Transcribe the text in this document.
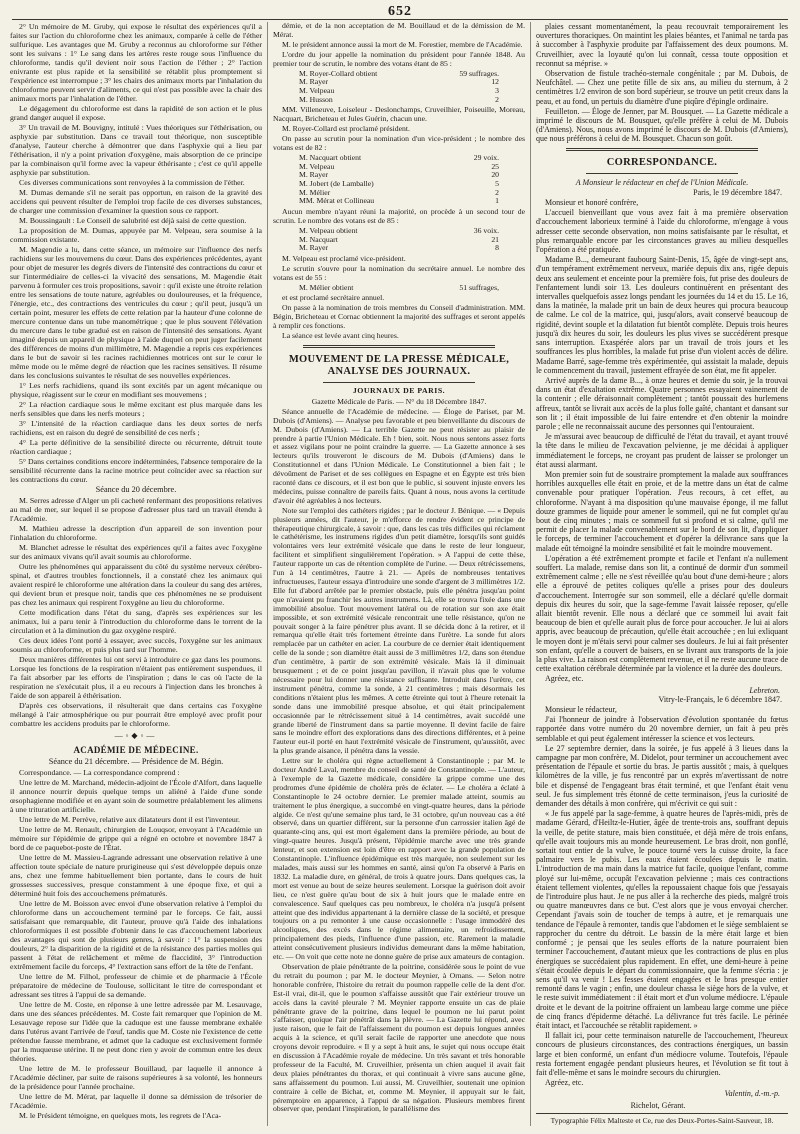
652

2° Un mémoire de M. Gruby, qui expose le résultat des expériences qu'il a faites sur l'action du chloroforme chez les animaux, comparée à celle de l'éther sulfurique. Les avantages que M. Gruby a reconnus au chloroforme sur l'éther sont les suivans : 1° Le sang dans les artères reste rouge sous l'influence du chloroforme, tandis qu'il devient noir sous l'action de l'éther ; 2° l'action enivrante est plus rapide et la sensibilité se rétablit plus promptement si l'expérience est interrompue ; 3° les chairs des animaux morts par l'inhalation du chloroforme peuvent servir d'aliments, ce qui n'est pas possible avec la chair des animaux morts par l'inhalation de l'éther.

Le dégagement du chloroforme est dans la rapidité de son action et le plus grand danger auquel il expose.

3° Un travail de M. Bouvigny, intitulé : Vues théoriques sur l'éthérisation, ou asphyxie par substitution. Dans ce travail tout théorique, non susceptible d'analyse, l'auteur cherche à démontrer que dans l'asphyxie qui a lieu par l'éthérisation, il n'y a point privation d'oxygène, mais absorption de ce principe par la combinaison qu'il forme avec la vapeur éthérisante ; c'est ce qu'il appelle asphyxie par substitution.

Ces diverses communications sont renvoyées à la commission de l'éther.

M. Dumas demande s'il ne serait pas opportun, en raison de la gravité des accidens qui peuvent résulter de l'emploi trop facile de ces diverses substances, de charger une commission d'examiner la question sous ce rapport.

M. Boussingault : Le Conseil de salubrité est déjà saisi de cette question.

La proposition de M. Dumas, appuyée par M. Velpeau, sera soumise à la commission existante.

M. Magendie a lu, dans cette séance, un mémoire sur l'influence des nerfs rachidiens sur les mouvemens du cœur. Dans des expériences précédentes, ayant pour objet de mesurer les degrés divers de l'intensité des contractions du cœur et sur l'intermédiaire de celles-ci la vivacité des sensations, M. Magendie était parvenu à formuler ces trois propositions, savoir : qu'il existe une étroite relation entre les sensations de toute nature, agréables ou douloureuses, et la fréquence, l'énergie, etc., des contractions des ventricules du cœur ; qu'il peut, jusqu'à un certain point, mesurer les effets de cette relation par la hauteur d'une colonne de mercure contenue dans un tube manométrique ; que le plus souvent l'élévation du mercure dans le tube gradué est en raison de l'intensité des sensations. Ayant imaginé depuis un appareil de physique à l'aide duquel on peut juger facilement des différences de moins d'un millimètre, M. Magendie a repris ces expériences dans le but de savoir si les racines rachidiennes motrices ont sur le cœur le même mode ou le même degré de réaction que les racines sensitives. Il résume dans les conclusions suivantes le résultat de ses nouvelles expériences.

1° Les nerfs rachidiens, quand ils sont excités par un agent mécanique ou physique, réagissent sur le cœur en modifiant ses mouvemens ;

2° La réaction cardiaque sous le même excitant est plus marquée dans les nerfs sensibles que dans les nerfs moteurs ;

3° L'intensité de la réaction cardiaque dans les deux sortes de nerfs rachidiens, est en raison du degré de sensibilité de ces nerfs ;

4° La perte définitive de la sensibilité directe ou récurrente, détruit toute réaction cardiaque ;

5° Dans certaines conditions encore indéterminées, l'absence temporaire de la sensibilité récurrente dans la racine motrice peut coïncider avec sa réaction sur les contractions du cœur.

Séance du 20 décembre.

M. Serres adresse d'Alger un pli cacheté renfermant des propositions relatives au mal de mer, sur lequel il se propose d'adresser plus tard un travail étendu à l'Académie.

M. Mathieu adresse la description d'un appareil de son invention pour l'inhalation du chloroforme.

M. Blanchet adresse le résultat des expériences qu'il a faites avec l'oxygène sur des animaux vivans qu'il avait soumis au chloroforme.

Outre les phénomènes qui apparaissent du côté du système nerveux cérébro-spinal, et d'autres troubles fonctionnels, il a constaté chez les animaux qui avaient respiré le chloroforme une altération dans la couleur du sang des artères, qui devient brun et presque noir, tandis que ces phénomènes ne se produisent pas chez les animaux qui respirent l'oxygène au lieu du chloroforme.

Cette modification dans l'état du sang, d'après ses expériences sur les animaux, lui a paru tenir à l'introduction du chloroforme dans le torrent de la circulation et à la diminution du gaz oxygène respiré.

Ces deux idées l'ont porté à essayer, avec succès, l'oxygène sur les animaux soumis au chloroforme, et puis plus tard sur l'homme.

Deux manières différentes lui ont servi à introduire ce gaz dans les poumons. Lorsque les fonctions de la respiration n'étaient pas entièrement suspendues, il l'a fait absorber par les efforts de l'inspiration ; dans le cas où l'acte de la respiration ne s'exécutait plus, il a eu recours à l'injection dans les bronches à l'aide de son appareil à éthérisation.

D'après ces observations, il résulterait que dans certains cas l'oxygène mélangé à l'air atmosphérique ou pur pourrait être employé avec profit pour combattre les accidens produits par le chloroforme.

—◦◆◦—

ACADÉMIE DE MÉDECINE.

Séance du 21 décembre. — Présidence de M. Bégin.

Correspondance. — La correspondance comprend :

Une lettre de M. Marchand, médecin-adjoint de l'École d'Alfort, dans laquelle il annonce nourrir depuis quelque temps un aliéné à l'aide d'une sonde œsophagienne modifiée et en ayant soin de soumettre préalablement les alimens à une trituration artificielle.

Une lettre de M. Perrève, relative aux dilatateurs dont il est l'inventeur.

Une lettre de M. Renault, chirurgien de Louqsor, envoyant à l'Académie un mémoire sur l'épidémie de grippe qui a régné en octobre et novembre 1847 à bord de ce paquebot-poste de l'État.

Une lettre de M. Massieu-Lagrande adressant une observation relative à une affection toute spéciale de nature prurigineuse qui s'est développée depuis onze ans, chez une femme habituellement bien portante, dans le cours de huit grossesses successives, presque constamment à une époque fixe, et qui a déterminé huit fois des accouchemens prématurés.

Une lettre de M. Boisson avec envoi d'une observation relative à l'emploi du chloroforme dans un accouchement terminé par le forceps. Ce fait, aussi satisfaisant que remarquable, dit l'auteur, prouve qu'à l'aide des inhalations chloroformiques il est possible d'obtenir dans le cas d'accouchement laborieux des avantages qui sont de plusieurs genres, à savoir : 1° la suspension des douleurs, 2° la disparition de la rigidité et de la résistance des parties molles qui passent à l'état de relâchement et même de flaccidité, 3° l'introduction extrêmement facile du forceps, 4° l'extraction sans effort de la tête de l'enfant.

Une lettre de M. Filhol, professeur de chimie et de pharmacie à l'École préparatoire de médecine de Toulouse, sollicitant le titre de correspondant et adressant ses titres à l'appui de sa demande.

Une lettre de M. Coste, en réponse à une lettre adressée par M. Lesauvage, dans une des séances précédentes. M. Coste fait remarquer que l'opinion de M. Lesauvage repose sur l'idée que la caduque est une fausse membrane exhalée dans l'utérus avant l'arrivée de l'œuf, tandis que M. Coste nie l'existence de cette prétendue fausse membrane, et admet que la caduque est exclusivement formée par la muqueuse utérine. Il ne peut donc rien y avoir de commun entre les deux théories.

Une lettre de M. le professeur Bouillaud, par laquelle il annonce à l'Académie décliner, par suite de raisons supérieures à sa volonté, les honneurs de la présidence pour l'année prochaine.

Une lettre de M. Mérat, par laquelle il donne sa démission de trésorier de l'Académie.

M. le Président témoigne, en quelques mots, les regrets de l'Aca-

démie, et de la non acceptation de M. Bouillaud et de la démission de M. Mérat.

M. le président annonce aussi la mort de M. Forestier, membre de l'Académie.

L'ordre du jour appelle la nomination du président pour l'année 1848. Au premier tour de scrutin, le nombre des votans étant de 85 :

M. Royer-Collard obtient	59 suffrages.
M. Rayer	12
M. Velpeau	3
M. Husson	2

MM. Villeneuve, Loiseleur - Deslonchamps, Cruveilhier, Poiseuille, Moreau, Nacquart, Bricheteau et Jules Guérin, chacun une.

M. Royer-Collard est proclamé président.

On passe au scrutin pour la nomination d'un vice-président ; le nombre des votans est de 82 :

M. Nacquart obtient	29 voix.
M. Velpeau	25
M. Rayer	20
M. Jobert (de Lamballe)	5
M. Mélier	2
MM. Mérat et Collineau	1

Aucun membre n'ayant réuni la majorité, on procède à un second tour de scrutin. Le nombre des votans est de 85 :

M. Velpeau obtient	36 voix.
M. Nacquart	21
M. Rayer	8

M. Velpeau est proclamé vice-président.

Le scrutin s'ouvre pour la nomination du secrétaire annuel. Le nombre des votans est de 55 :

M. Mélier obtient	51 suffrages,

et est proclamé secrétaire annuel.

On passe à la nomination de trois membres du Conseil d'administration. MM. Bégin, Bricheteau et Cornac obtiennent la majorité des suffrages et seront appelés à remplir ces fonctions.

La séance est levée avant cinq heures.

MOUVEMENT DE LA PRESSE MÉDICALE, ANALYSE DES JOURNAUX.

JOURNAUX DE PARIS.

Gazette Médicale de Paris. — N° du 18 Décembre 1847.

Séance annuelle de l'Académie de médecine. — Éloge de Pariset, par M. Dubois (d'Amiens). — Analyse peu favorable et peu bienveillante du discours de M. Dubois (d'Amiens). — La terrible Gazette ne peut résister au plaisir de prendre à partie l'Union Médicale. Eh ! bien, soit. Nous nous sentons assez forts et assez vigilans pour ne point craindre la guerre. — La Gazette annonce à ses lecteurs qu'ils trouveront le discours de M. Dubois (d'Amiens) dans le Constitutionnel et dans l'Union Médicale. Le Constitutionnel a bien fait ; le dévoûment de Pariset et de ses collègues en Espagne et en Égypte est très bien raconté dans ce discours, et il est bon que le public, si souvent injuste envers les médecins, puisse connaître de pareils faits. Quant à nous, nous avons la certitude d'avoir été agréables à nos lecteurs.

Note sur l'emploi des cathéters rigides ; par le docteur J. Bénique. — « Depuis plusieurs années, dit l'auteur, je m'efforce de rendre évident ce principe de thérapeutique chirurgicale, à savoir : que, dans les cas très difficiles qui réclament le cathétérisme, les instrumens rigides d'un petit diamètre, lorsqu'ils sont guidés volontaires vers leur extrémité vésicale que dans le reste de leur longueur, facilitent et simplifient singulièrement l'opération. » A l'appui de cette thèse, l'auteur rapporte un cas de rétention complète de l'urine. — Deux rétrécissemens, l'un à 14 centimètres, l'autre à 21. — Après de nombreuses tentatives infructueuses, l'auteur essaya d'introduire une sonde d'argent de 3 millimètres 1/2. Elle fut d'abord arrêtée par le premier obstacle, puis elle pénétra jusqu'au point que n'avaient pu franchir les autres instrumens. Là, elle se trouva fixée dans une immobilité absolue. Tout mouvement latéral ou de rotation sur son axe était impossible, et son extrémité vésicale rencontrait une telle résistance, qu'on ne pouvait songer à la faire pénétrer plus avant. Il se décida donc à la retirer, et il remarqua qu'elle était très fortement étreinte dans l'urètre. La sonde fut alors remplacée par un cathéter en acier. La courbure de ce dernier était identiquement celle de la sonde ; son diamètre était aussi de 3 millimètres 1/2, dans son étendue d'un centimètre, à partir de son extrémité vésicale. Mais là il diminuait brusquement ; et de ce point jusqu'au pavillon, il n'avait plus que le volume nécessaire pour lui donner une résistance suffisante. Introduit dans l'urètre, cet instrument pénétra, comme la sonde, à 21 centimètres ; mais désormais les conditions n'étaient plus les mêmes. A cette étreinte qui tout à l'heure retenait la sonde dans une immobilité presque absolue, et qui était principalement occasionnée par le rétrécissement situé à 14 centimètres, avait succédé une grande liberté de l'instrument dans sa partie moyenne. Il devint facile de faire sans le moindre effort des explorations dans des directions différentes, et à peine l'auteur eut-il porté en haut l'extrémité vésicale de l'instrument, qu'aussitôt, avec la plus grande aisance, il pénétra dans la vessie.

Lettre sur le choléra qui règne actuellement à Constantinople ; par M. le docteur André Laval, membre du conseil de santé de Constantinople. — L'auteur, à l'exemple de la Gazette médicale, considère la grippe comme une des prodromes d'une épidémie de choléra près de éclater. — Le choléra a éclaté à Constantinople le 24 octobre dernier. Le premier malade atteint, soumis au traitement le plus énergique, a succombé en vingt-quatre heures, dans la période algide. Ce n'est qu'une semaine plus tard, le 31 octobre, qu'un nouveau cas a été observé, dans un quartier différent, sur la personne d'un carrossier italien âgé de quarante-cinq ans, qui est mort également dans la première période, au bout de vingt-quatre heures. Jusqu'à présent, l'épidémie marche avec une très grande lenteur, et son extension est loin d'être en rapport avec la grande population de Constantinople. L'influence épidémique est très marquée, non seulement sur les malades, mais aussi sur les hommes en santé, ainsi qu'on l'a observé à Paris en 1832. La maladie dure, en général, de trois à quatre jours. Dans quelques cas, la mort est venue au bout de seize heures seulement. Lorsque la guérison doit avoir lieu, ce n'est guère qu'au bout de six à huit jours que le malade entre en convalescence. Sauf quelques cas peu nombreux, le choléra n'a jusqu'à présent atteint que des individus appartenant à la dernière classe de la société, et presque toujours on a pu remonter à une cause occasionnelle : l'usage immodéré des alcooliques, des excès dans le régime alimentaire, un refroidissement, principalement des pieds, l'influence d'une passion, etc. Rarement la maladie atteint consécutivement plusieurs individus demeurant dans la même habitation, etc. — On voit que cette note ne donne guère de prise aux amateurs de contagion.

Observation de plaie pénétrante de la poitrine, considérée sous le point de vue du retrait du poumon ; par M. le docteur Meynier, à Ornans. — Selon notre honorable confrère, l'histoire du retrait du poumon rappelle celle de la dent d'or. Est-il vrai, dit-il, que le poumon s'affaisse aussitôt que l'air extérieur trouve un accès dans la cavité pleurale ? M. Meynier rapporte ensuite un cas de plaie pénétrante grave de la poitrine, dans lequel le poumon ne lui parut point s'affaisser, quoique l'air pénétrât dans la plèvre. — La Gazette lui répond, avec juste raison, que le fait de l'affaissement du poumon est depuis longues années acquis à la science, et qu'il serait facile de rapporter une anecdote que nous croyons devoir reproduire. « Il y a sept à huit ans, le sujet qui nous occupe était en discussion à l'Académie royale de médecine. Un très savant et très honorable professeur de la Faculté, M. Cruveilhier, présenta un chien auquel il avait fait deux plaies pénétrantes du thorax, et qui continuait à vivre sans aucune gêne, sans affaissement du poumon. Lui aussi, M. Cruveilhier, soutenait une opinion contraire à celle de Bichat, et, comme M. Meynier, il appuyait sur le fait, péremptoire en apparence, à l'appui de sa négation. Plusieurs membres firent observer que, pendant l'inspiration, le parallélisme des

plaies cessant momentanément, la peau recouvrait temporairement les ouvertures thoraciques. On maintint les plaies béantes, et l'animal ne tarda pas à succomber à l'asphyxie produite par l'affaissement des deux poumons. M. Cruveilhier, avec la loyauté qu'on lui connaît, cessa toute opposition et reconnut sa méprise. »

Observation de fistule trachéo-sternale congénitale ; par M. Dubois, de Neufchâtel. — Chez une petite fille de six ans, au milieu du sternum, à 2 centimètres 1/2 environ de son bord supérieur, se trouve un petit creux dans la peau, et au fond, un pertuis du diamètre d'une piqûre d'épingle ordinaire.

Feuilleton. — Éloge de Jenner, par M. Bousquet. — La Gazette médicale a imprimé le discours de M. Bousquet, qu'elle préfère à celui de M. Dubois (d'Amiens). Nous, nous avons imprimé le discours de M. Dubois (d'Amiens), que nous préférons à celui de M. Bousquet. Chacun son goût.

CORRESPONDANCE.

A Monsieur le rédacteur en chef de l'Union Médicale.

Paris, le 19 décembre 1847.

Monsieur et honoré confrère,

L'accueil bienveillant que vous avez fait à ma première observation d'accouchement laborieux terminé à l'aide du chloroforme, m'engage à vous adresser cette seconde observation, non moins satisfaisante par le résultat, et plus remarquable encore par les circonstances graves au milieu desquelles l'opération a été pratiquée.

Madame B..., demeurant faubourg Saint-Denis, 15, âgée de vingt-sept ans, d'un tempérament extrêmement nerveux, mariée depuis dix ans, rigée depuis deux ans seulement et enceinte pour la première fois, fut prise des douleurs de l'enfantement lundi soir 13. Les douleurs continuèrent en présentant des intervalles quelquefois assez longs pendant les journées du 14 et du 15. Le 16, dans la matinée, la malade prit un bain de deux heures qui procura beaucoup de calme. Le col de la matrice, qui, jusqu'alors, avait conservé beaucoup de rigidité, devint souple et la dilatation fut bientôt complète. Depuis trois heures jusqu'à dix heures du soir, les douleurs les plus vives se succédèrent presque sans interruption. Exaspérée alors par un travail de trois jours et les souffrances les plus horribles, la malade fut prise d'un violent accès de délire. Madame Barré, sage-femme très expérimentée, qui assistait la malade, depuis le commencement du travail, justement effrayée de son état, me fit appeler.

Arrivé auprès de la dame B..., à onze heures et demie du soir, je la trouvai dans un état d'exaltation extrême. Quatre personnes essayaient vainement de la contenir ; elle déraisonnait complètement ; tantôt poussait des hurlemens affreux, tantôt se livrait aux accès de la plus folle gaîté, chantant et dansant sur son lit ; il était impossible de lui faire entendre et d'en obtenir la moindre parole ; elle ne reconnaissait aucune des personnes qui l'entouraient.

Je m'assurai avec beaucoup de difficulté de l'état du travail, et ayant trouvé la tête dans le milieu de l'excavation pelvienne, je me décidai à appliquer immédiatement le forceps, ne croyant pas prudent de laisser se prolonger un état aussi alarmant.

Mon premier soin fut de soustraire promptement la malade aux souffrances horribles auxquelles elle était en proie, et de la mettre dans un état de calme convenable pour pratiquer l'opération. J'eus recours, à cet effet, au chloroforme. N'ayant à ma disposition qu'une mauvaise éponge, il me fallut douze grammes de liquide pour amener le sommeil, qui ne fut complet qu'au bout de cinq minutes ; mais ce sommeil fut si profond et si calme, qu'il me permit de placer la malade convenablement sur le bord de son lit, d'appliquer le forceps, de terminer l'accouchement et d'opérer la délivrance sans que la malade eût témoigné la moindre sensibilité et fait le moindre mouvement.

L'opération a été extrêmement prompte et facile et l'enfant n'a nullement souffert. La malade, remise dans son lit, a continué de dormir d'un sommeil extrêmement calme ; elle ne s'est réveillée qu'au bout d'une demi-heure ; alors elle a éprouvé de petites coliques qu'elle a prises pour des douleurs d'accouchement. Interrogée sur son sommeil, elle a déclaré qu'elle dormait depuis dix heures du soir, que la sage-femme l'avait laissée reposer, qu'elle allait bientôt revenir. Elle nous a déclaré que ce sommeil lui avait fait beaucoup de bien et qu'elle aurait plus de force pour accoucher. Je lui ai alors appris, avec beaucoup de précaution, qu'elle était accouchée ; en lui exliquant le moyen dont je m'étais servi pour calmer ses douleurs. Je lui ai fait présenter son enfant, qu'elle a couvert de baisers, en se livrant aux transports de la joie la plus vive. La raison est complètement revenue, et il ne reste aucune trace de cette exaltation cérébrale déterminée par la violence et la durée des douleurs.

Agréez, etc.

Lebreton.

Vitry-le-Français, le 6 décembre 1847.

Monsieur le rédacteur,

J'ai l'honneur de joindre à l'observation d'évolution spontanée du fœtus rapportée dans votre numéro du 20 novembre dernier, un fait à peu près semblable et qui peut également intéresser la science et vos lecteurs.

Le 27 septembre dernier, dans la soirée, je fus appelé à 3 lieues dans la campagne par mon confrère, M. Didelot, pour terminer un accouchement avec présentation de l'épaule et sortie du bras. Je partis aussitôt ; mais, à quelques kilomètres de la ville, je fus rencontré par un exprès m'avertissant de notre bile et dispensé de l'engageant bras était terminé, et que l'enfant était venu seul. Je fus simplement très étonné de cette terminaison, j'eus la curiosité de demander des détails à mon confrère, qui m'écrivit ce qui suit :

« Je fus appelé par la sage-femme, à quatre heures de l'après-midi, près de madame Gérard, d'Heiltz-le-Hutier, âgée de trente-trois ans, souffrant depuis la veille, de petite stature, mais bien constituée, et déjà mère de trois enfans, qu'elle avait toujours mis au monde heureusement. Le bras droit, non gonflé, sortait tout entier de la vulve, le pouce tourné vers la cuisse droite, la face palmaire vers le pubis. Les eaux étaient écoulées depuis le matin. L'introduction de ma main dans la matrice fut facile, quoique l'enfant, comme ployé sur lui-même, occupât l'excavation pelvienne ; mais ces contractions étaient tellement violentes, qu'elles la repoussaient chaque fois que j'essayais de l'introduire plus haut. Je ne pus aller à la recherche des pieds, malgré trois ou quatre manœuvres dans ce but. C'est alors que je vous envoyai chercher. Cependant j'avais soin de toucher de temps à autre, et je remarquais une tendance de l'épaule à remonter, tandis que l'abdomen et le siège semblaient se rapprocher du centre du détroit. Le bassin de la mère était large et bien conformé ; je pensai que les seules efforts de la nature pourraient bien terminer l'accouchement, d'autant mieux que les contractions de plus en plus énergiques se succédaient plus rapidement. En effet, une demi-heure à peine s'était écoulée depuis le départ du commissionnaire, que la femme s'écria : je sens qu'il va venir ! Les fesses étaient engagées et le bras presque entier remonté dans le vagin ; enfin, une douleur chassa le siège hors de la vulve, et le reste suivit immédiatement : il était mort et d'un volume médiocre. L'épaule droite et le devant de la poitrine offraient un lambeau large comme une pièce de cinq francs d'épiderme détaché. La délivrance fut très facile. Le périnée était intact, et l'accouchée se rétablit rapidement. »

Il fallait ici, pour cette terminaison naturelle de l'accouchement, l'heureux concours de plusieurs circonstances, des contractions énergiques, un bassin large et bien conformé, un enfant d'un médiocre volume. Toutefois, l'épaule resta fortement engagée pendant plusieurs heures, et l'évolution se fit tout à fait d'elle-même et sans le moindre secours du chirurgien.

Agréez, etc.

Valentin, d.-m.-p.

Richelot, Gérant.

Typographie Félix Malteste et Ce, rue des Deux-Portes-Saint-Sauveur, 18.
